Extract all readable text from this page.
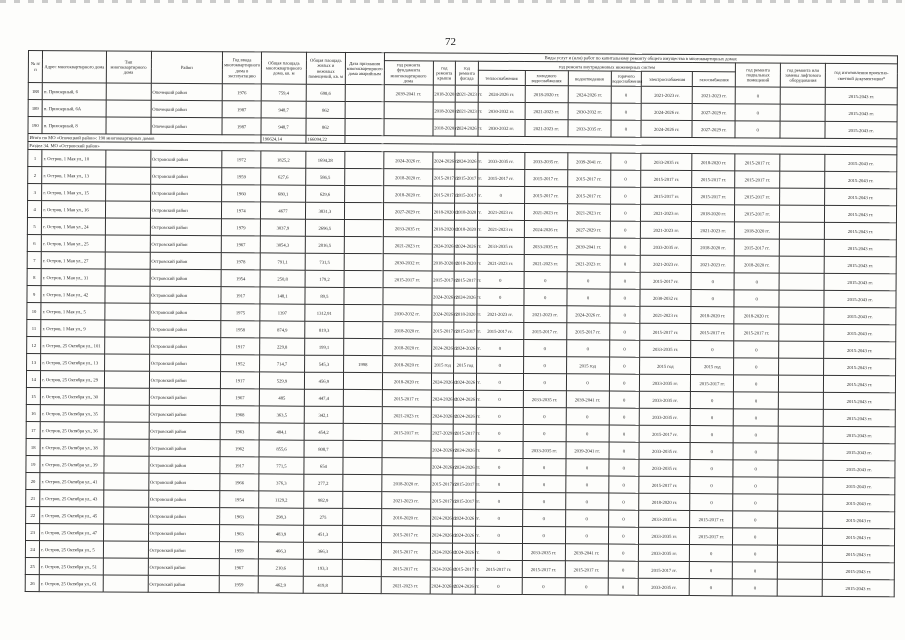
72
№ п/п	Адрес многоквартирного дома	Тип многоквартирного дома	Район	Год ввода многоквартирного дома в эксплуатацию	Общая площадь многоквартирного дома, кв. м	Общая площадь жилых и нежилых помещений, кв. м	Дата признания многоквартирного дома аварийным	Виды услуг и (или) работ по капитальному ремонту общего имущества в многоквартирных домах											
								год ремонта фундамента многоквартирного дома	год ремонта крыши	год ремонта фасада	год ремонта внутридомовых инженерных систем						год ремонта подвальных помещений	год ремонта или замены лифтового оборудования	год изготовления проектно-сметной документации*
											теплоснабжения	холодного водоснабжения	водоотведения	горячего водоснабжения	электроснабжения	газоснабжения			
188	п. Приозерный, 6		Опочецкий район	1976	759,4	698,6		2039-2041 гг.	2018-2020 гг.	2021-2023 гг.	2024-2026 гг.	2018-2020 гг.	2024-2026 гг.	0	2021-2023 гг.	2021-2023 гг.	0		2015-2043 гг.
189	п. Приозерный, 6А		Опочецкий район	1987	948,7	862			2018-2020 гг.	2021-2023 гг.	2030-2032 гг.	2021-2023 гг.	2030-2032 гг.	0	2024-2026 гг.	2027-2029 гг.	0		2015-2043 гг.
190	п. Приозерный, 8		Опочецкий район	1987	948,7	862			2018-2020 гг.	2024-2026 гг.	2030-2032 гг.	2021-2023 гг.	2033-2035 гг.	0	2024-2026 гг.	2027-2029 гг.	0		2015-2043 гг.
Итого по МО «Опочецкий район»: 190 многоквартирных домов					196624,14	166094,22													
Раздел 34. МО «Островский район»																			
1	г. Остров, 1 Мая ул., 10		Островский район	1972	1825,2	1694,28		2024-2026 гг.	2024-2026 гг.	2024-2026 гг.	2033-2035 гг.	2033-2035 гг.	2039-2041 гг.	0	2033-2035 гг.	2018-2020 гг.	2015-2017 гг.		2015-2043 гг.
2	г. Остров, 1 Мая ул., 13		Островский район	1959	627,6	586,5		2018-2020 гг.	2015-2017 гг.	2015-2017 гг.	2015-2017 гг.	2015-2017 гг.	2015-2017 гг.	0	2015-2017 гг.	2015-2017 гг.	2015-2017 гг.		2015-2043 гг.
3	г. Остров, 1 Мая ул., 15		Островский район	1960	680,1	629,6		2018-2020 гг.	2015-2017 гг.	2015-2017 гг.	0	2015-2017 гг.	2015-2017 гг.	0	2015-2017 гг.	2015-2017 гг.	2015-2017 гг.		2015-2043 гг.
4	г. Остров, 1 Мая ул., 16		Островский район	1974	4677	3831,3		2027-2029 гг.	2018-2020 гг.	2018-2020 гг.	2021-2023 гг.	2021-2023 гг.	2021-2023 гг.	0	2021-2023 гг.	2018-2020 гг.	2015-2017 гг.		2015-2043 гг.
5	г. Остров, 1 Мая ул., 24		Островский район	1979	3037,9	2696,5		2033-2035 гг.	2018-2020 гг.	2018-2020 гг.	2021-2023 гг.	2024-2026 гг.	2027-2029 гг.	0	2021-2023 гг.	2021-2023 гг.	2018-2020 гг.		2015-2043 гг.
6	г. Остров, 1 Мая ул., 25		Островский район	1967	3054,3	2816,5		2021-2023 гг.	2024-2026 гг.	2024-2026 гг.	2033-2035 гг.	2033-2035 гг.	2039-2041 гг.	0	2033-2035 гг.	2018-2020 гг.	2015-2017 гг.		2015-2043 гг.
7	г. Остров, 1 Мая ул., 27		Островский район	1978	791,1	731,5		2030-2032 гг.	2018-2020 гг.	2018-2020 гг.	2021-2023 гг.	2021-2023 гг.	2021-2023 гг.	0	2021-2023 гг.	2021-2023 гг.	2018-2020 гг.		2015-2043 гг.
8	г. Остров, 1 Мая ул., 31		Островский район	1954	250,8	179,2		2015-2017 гг.	2015-2017 гг.	2015-2017 гг.	0	0	0	0	2015-2017 гг.	0	0		2015-2043 гг.
9	г. Остров, 1 Мая ул., 42		Островский район	1917	148,1	89,5			2024-2026 гг.	2024-2026 гг.	0	0	0	0	2030-2032 гг.	0	0		2015-2043 гг.
10	г. Остров, 1 Мая ул., 5		Островский район	1975	1397	1312,91		2030-2032 гг.	2024-2026 гг.	2018-2020 гг.	2021-2023 гг.	2021-2023 гг.	2024-2026 гг.	0	2021-2023 гг.	2018-2020 гг.	2018-2020 гг.		2015-2043 гг.
11	г. Остров, 1 Мая ул., 9		Островский район	1958	874,9	819,3		2018-2020 гг.	2015-2017 гг.	2015-2017 гг.	2015-2017 гг.	2015-2017 гг.	2015-2017 гг.	0	2015-2017 гг.	2015-2017 гг.	2015-2017 гг.		2015-2043 гг.
12	г. Остров, 25 Октября ул., 101		Островский район	1917	229,8	199,1		2018-2020 гг.	2024-2026 гг.	2024-2026 гг.	0	0	0	0	2033-2035 гг.	0	0		2015-2043 гг.
13	г. Остров, 25 Октября ул., 13		Островский район	1952	714,7	545,3	1998	2018-2020 гг.	2015 год	2015 год	0	0	2015 год	0	2015 год	2015 год	0		2015-2043 гг.
14	г. Остров, 25 Октября ул., 29		Островский район	1917	529,9	456,9		2018-2020 гг.	2024-2026 гг.	2024-2026 гг.	0	0	0	0	2033-2035 гг.	2015-2017 гг.	0		2015-2043 гг.
15	г. Остров, 25 Октября ул., 30		Островский район	1967	485	447,4		2015-2017 гг.	2024-2026 гг.	2024-2026 гг.	0	2033-2035 гг.	2039-2041 гг.	0	2033-2035 гг.	0	0		2015-2043 гг.
16	г. Остров, 25 Октября ул., 35		Островский район	1968	363,5	342,1		2021-2023 гг.	2024-2026 гг.	2024-2026 гг.	0	0	0	0	2033-2035 гг.	0	0		2015-2043 гг.
17	г. Остров, 25 Октября ул., 36		Островский район	1963	484,1	454,2		2015-2017 гг.	2027-2029 гг.	2015-2017 гг.	0	0	0	0	2015-2017 гг.	0	0		2015-2043 гг.
18	г. Остров, 25 Октября ул., 38		Островский район	1962	855,6	808,7			2024-2026 гг.	2024-2026 гг.	0	2033-2035 гг.	2039-2041 гг.	0	2033-2035 гг.	0	0		2015-2043 гг.
19	г. Остров, 25 Октября ул., 39		Островский район	1917	771,5	654			2024-2026 гг.	2024-2026 гг.	0	0	0	0	2033-2035 гг.	0	0		2015-2043 гг.
20	г. Остров, 25 Октября ул., 41		Островский район	1966	376,3	277,2		2018-2020 гг.	2015-2017 гг.	2015-2017 гг.	0	0	0	0	2015-2017 гг.	0	0		2015-2043 гг.
21	г. Остров, 25 Октября ул., 43		Островский район	1954	1129,2	982,9		2021-2023 гг.	2015-2017 гг.	2015-2017 гг.	0	0	0	0	2018-2020 гг.	0	0		2015-2043 гг.
22	г. Остров, 25 Октября ул., 45		Островский район	1963	298,3	275		2016-2020 гг.	2024-2026 гг.	2024-2026 гг.	0	0	0	0	2033-2035 гг.	2015-2017 гг.	0		2015-2043 гг.
23	г. Остров, 25 Октября ул., 47		Островский район	1963	483,9	451,3		2015-2017 гг.	2024-2026 гг.	2024-2026 гг.	0	0	0	0	2033-2035 гг.	2015-2017 гг.	0		2015-2043 гг.
24	г. Остров, 25 Октября ул., 5		Островский район	1959	466,3	366,3		2015-2017 гг.	2024-2026 гг.	2024-2026 гг.	0	2033-2035 гг.	2039-2041 гг.	0	2033-2035 гг.	0	0		2015-2043 гг.
25	г. Остров, 25 Октября ул., 51		Островский район	1967	210,6	193,3		2015-2017 гг.	2024-2026 гг.	2015-2017 гг.	2015-2017 гг.	2015-2017 гг.	2015-2017 гг.	0	2015-2017 гг.	0	0		2015-2043 гг.
26	г. Остров, 25 Октября ул., 61		Островский район	1959	462,9	419,8		2021-2023 гг.	2024-2026 гг.	2024-2026 гг.	0	0	0	0	2033-2035 гг.	0	0		2015-2043 гг.
